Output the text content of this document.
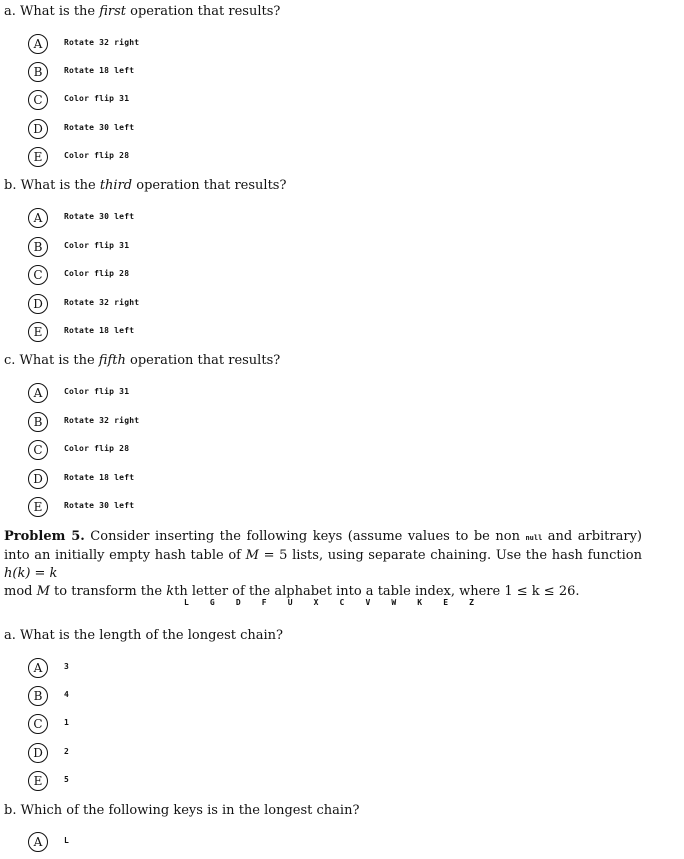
a. What is the first operation that results?
A	Rotate 32 right
B	Rotate 18 left
C	Color flip 31
D	Rotate 30 left
E	Color flip 28
b. What is the third operation that results?
A	Rotate 30 left
B	Color flip 31
C	Color flip 28
D	Rotate 32 right
E	Rotate 18 left
c. What is the fifth operation that results?
A	Color flip 31
B	Rotate 32 right
C	Color flip 28
D	Rotate 18 left
E	Rotate 30 left
Problem 5. Consider inserting the following keys (assume values to be non null and arbitrary) into an initially empty hash table of M = 5 lists, using separate chaining. Use the hash function h(k) = k
mod M to transform the kth letter of the alphabet into a table index, where 1 ≤ k ≤ 26.
L	G	D	F	U	X	C	V	W	K	E	Z
a. What is the length of the longest chain?
A	3
B	4
C	1
D	2
E	5
b. Which of the following keys is in the longest chain?
A	L
